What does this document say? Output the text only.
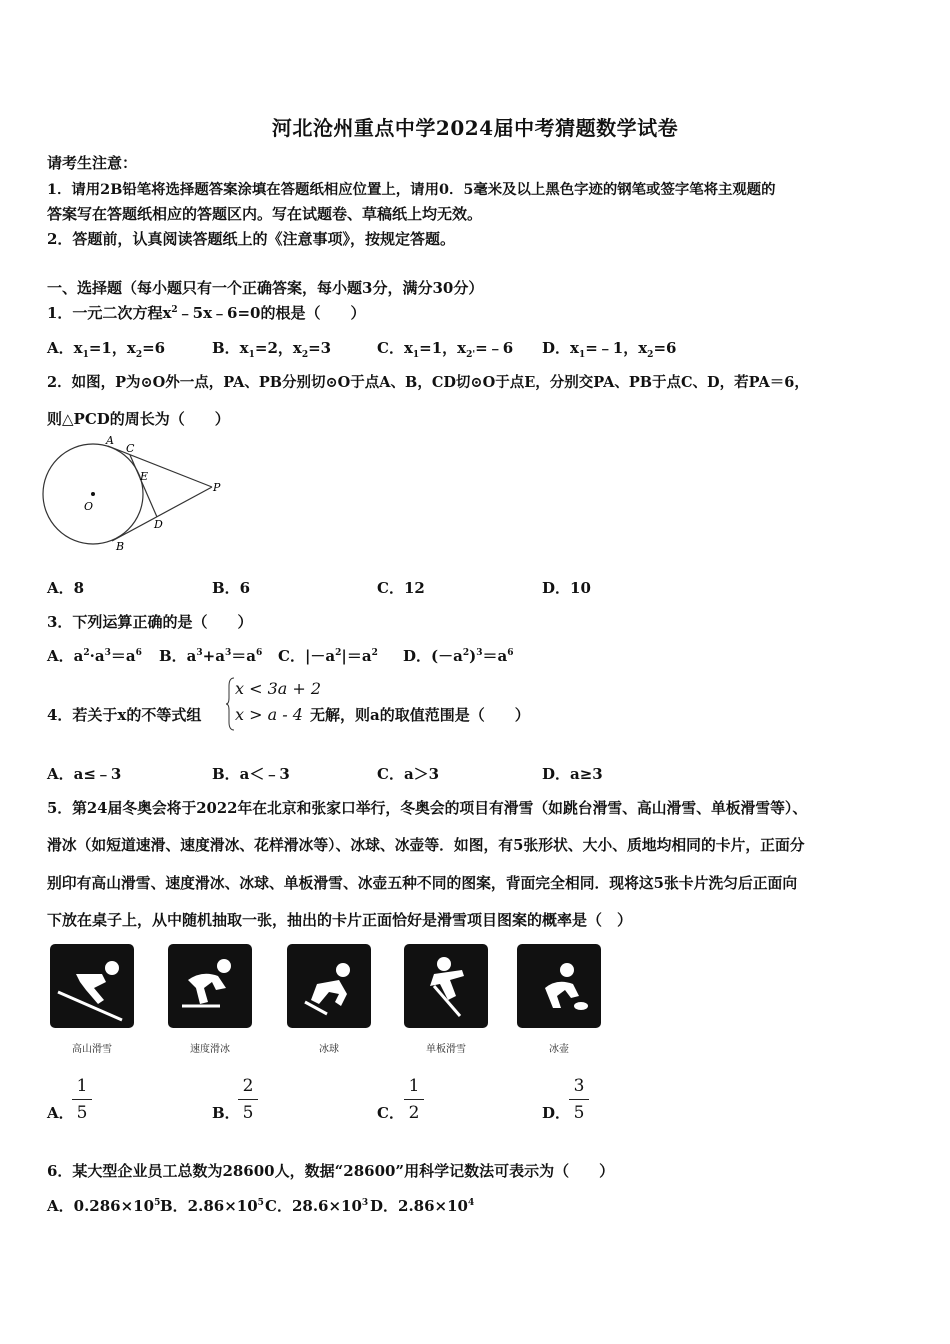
河北沧州重点中学2024届中考猜题数学试卷
请考生注意：
1．请用2B铅笔将选择题答案涂填在答题纸相应位置上，请用0．5毫米及以上黑色字迹的钢笔或签字笔将主观题的
答案写在答题纸相应的答题区内。写在试题卷、草稿纸上均无效。
2．答题前，认真阅读答题纸上的《注意事项》，按规定答题。
一、选择题（每小题只有一个正确答案，每小题3分，满分30分）
1．一元二次方程$x^2﹣5x﹣6=0$的根是（　　）
A．$x_1=1$，$x_2=6$	B．$x_1=2$，$x_2=3$	C．$x_1=1$，$x_{2'}=﹣6$ D．$x_1=﹣1$，$x_2=6$
2．如图，P为⊙O外一点，PA、PB分别切⊙O于点A、B，CD切⊙O于点E，分别交PA、PB于点C、D，若PA＝6，
则△PCD的周长为（　　）
A
C
E
P
D
B
O
A．8	B．6	C．12	D．10
3．下列运算正确的是（　　）
A．$a^2\cdot a^3=a^6$ B．$a^3+a^3=a^6$ C．$|-a^2|=a^2$ D．$(-a^2)^3=a^6$
4．若关于x的不等式组
x < 3a + 2
x > a - 4 无解，则a的取值范围是（　　）
A．a≤﹣3	B．a＜﹣3	C．a＞3	D．a≥3
5．第24届冬奥会将于2022年在北京和张家口举行，冬奥会的项目有滑雪（如跳台滑雪、高山滑雪、单板滑雪等）、
滑冰（如短道速滑、速度滑冰、花样滑冰等）、冰球、冰壶等．如图，有5张形状、大小、质地均相同的卡片，正面分
别印有高山滑雪、速度滑冰、冰球、单板滑雪、冰壶五种不同的图案，背面完全相同．现将这5张卡片洗匀后正面向
下放在桌子上，从中随机抽取一张，抽出的卡片正面恰好是滑雪项目图案的概率是（　）
高山滑雪	速度滑冰	冰球	单板滑雪	冰壶
A．
1
5	B．
2
5	C．
1
2	D．
3
5
6．某大型企业员工总数为28600人，数据“28600”用科学记数法可表示为（　　）
A．$0.286\times 10^5$ B．$2.86\times 10^5$ C．$28.6\times 10^3$ D．$2.86\times 10^4$
